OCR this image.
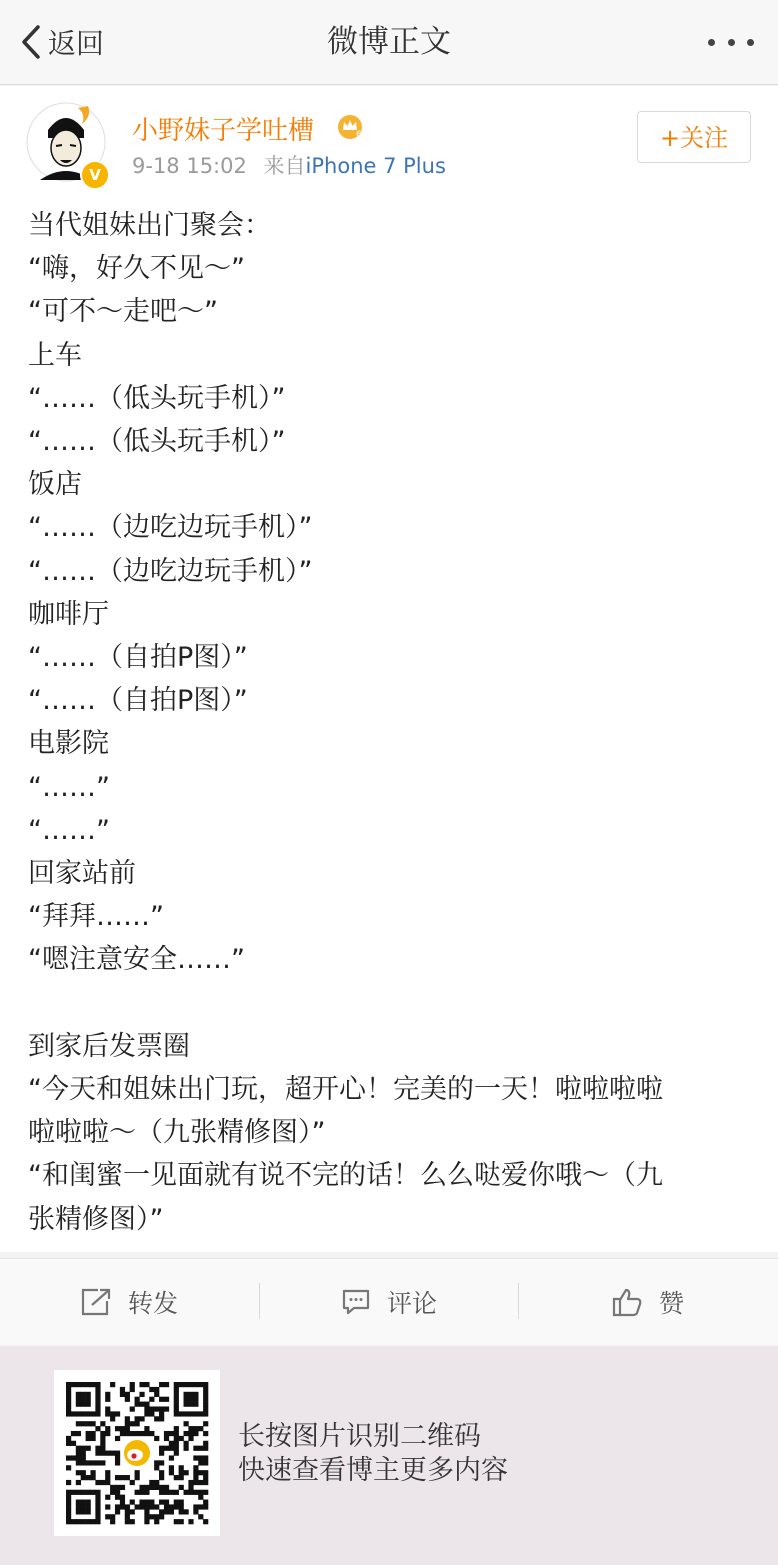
返回	微博正文
V
小野妹子学吐槽	6
9-18 15:02 来自iPhone 7 Plus
+关注
当代姐妹出门聚会：
“嗨，好久不见～”
“可不～走吧～”
上车
“……（低头玩手机）”
“……（低头玩手机）”
饭店
“……（边吃边玩手机）”
“……（边吃边玩手机）”
咖啡厅
“……（自拍P图）”
“……（自拍P图）”
电影院
“……”
“……”
回家站前
“拜拜……”
“嗯注意安全……”
到家后发票圈
“今天和姐妹出门玩，超开心！完美的一天！啦啦啦啦
啦啦啦～（九张精修图）”
“和闺蜜一见面就有说不完的话！么么哒爱你哦～（九
张精修图）”
转发	评论	赞
长按图片识别二维码
快速查看博主更多内容
